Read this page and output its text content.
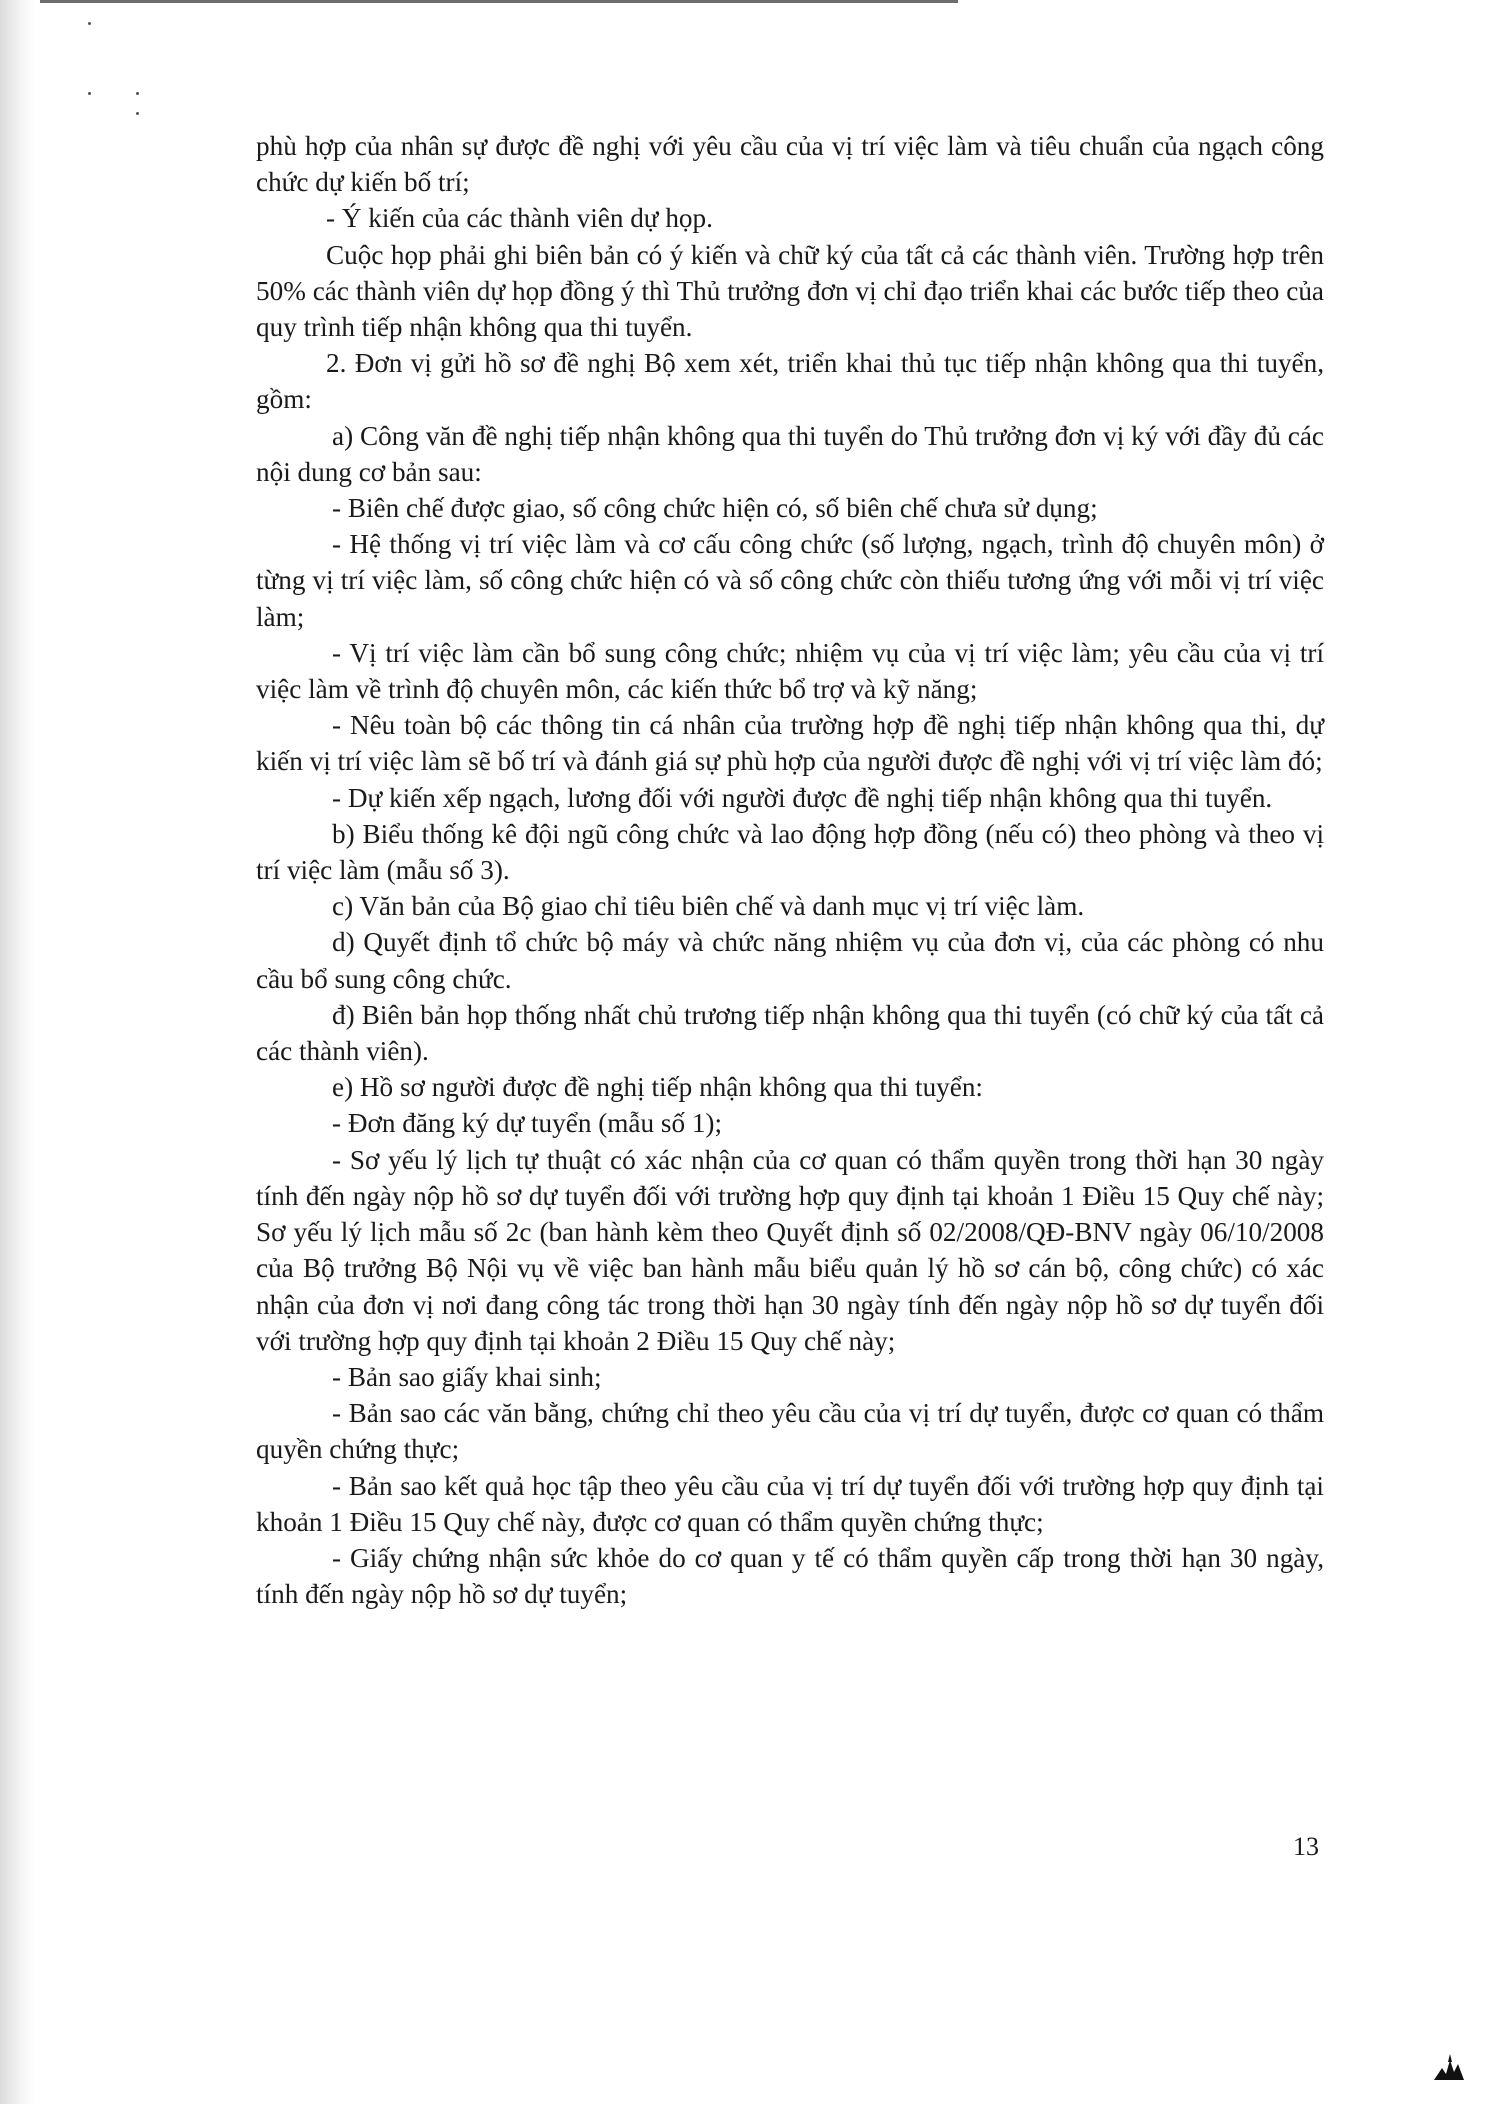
phù hợp của nhân sự được đề nghị với yêu cầu của vị trí việc làm và tiêu chuẩn của ngạch công chức dự kiến bố trí;

- Ý kiến của các thành viên dự họp.

Cuộc họp phải ghi biên bản có ý kiến và chữ ký của tất cả các thành viên. Trường hợp trên 50% các thành viên dự họp đồng ý thì Thủ trưởng đơn vị chỉ đạo triển khai các bước tiếp theo của quy trình tiếp nhận không qua thi tuyển.

2. Đơn vị gửi hồ sơ đề nghị Bộ xem xét, triển khai thủ tục tiếp nhận không qua thi tuyển, gồm:

a) Công văn đề nghị tiếp nhận không qua thi tuyển do Thủ trưởng đơn vị ký với đầy đủ các nội dung cơ bản sau:

- Biên chế được giao, số công chức hiện có, số biên chế chưa sử dụng;

- Hệ thống vị trí việc làm và cơ cấu công chức (số lượng, ngạch, trình độ chuyên môn) ở từng vị trí việc làm, số công chức hiện có và số công chức còn thiếu tương ứng với mỗi vị trí việc làm;

- Vị trí việc làm cần bổ sung công chức; nhiệm vụ của vị trí việc làm; yêu cầu của vị trí việc làm về trình độ chuyên môn, các kiến thức bổ trợ và kỹ năng;

- Nêu toàn bộ các thông tin cá nhân của trường hợp đề nghị tiếp nhận không qua thi, dự kiến vị trí việc làm sẽ bố trí và đánh giá sự phù hợp của người được đề nghị với vị trí việc làm đó;

- Dự kiến xếp ngạch, lương đối với người được đề nghị tiếp nhận không qua thi tuyển.

b) Biểu thống kê đội ngũ công chức và lao động hợp đồng (nếu có) theo phòng và theo vị trí việc làm (mẫu số 3).

c) Văn bản của Bộ giao chỉ tiêu biên chế và danh mục vị trí việc làm.

d) Quyết định tổ chức bộ máy và chức năng nhiệm vụ của đơn vị, của các phòng có nhu cầu bổ sung công chức.

đ) Biên bản họp thống nhất chủ trương tiếp nhận không qua thi tuyển (có chữ ký của tất cả các thành viên).

e) Hồ sơ người được đề nghị tiếp nhận không qua thi tuyển:

- Đơn đăng ký dự tuyển (mẫu số 1);

- Sơ yếu lý lịch tự thuật có xác nhận của cơ quan có thẩm quyền trong thời hạn 30 ngày tính đến ngày nộp hồ sơ dự tuyển đối với trường hợp quy định tại khoản 1 Điều 15 Quy chế này; Sơ yếu lý lịch mẫu số 2c (ban hành kèm theo Quyết định số 02/2008/QĐ-BNV ngày 06/10/2008 của Bộ trưởng Bộ Nội vụ về việc ban hành mẫu biểu quản lý hồ sơ cán bộ, công chức) có xác nhận của đơn vị nơi đang công tác trong thời hạn 30 ngày tính đến ngày nộp hồ sơ dự tuyển đối với trường hợp quy định tại khoản 2 Điều 15 Quy chế này;

- Bản sao giấy khai sinh;

- Bản sao các văn bằng, chứng chỉ theo yêu cầu của vị trí dự tuyển, được cơ quan có thẩm quyền chứng thực;

- Bản sao kết quả học tập theo yêu cầu của vị trí dự tuyển đối với trường hợp quy định tại khoản 1 Điều 15 Quy chế này, được cơ quan có thẩm quyền chứng thực;

- Giấy chứng nhận sức khỏe do cơ quan y tế có thẩm quyền cấp trong thời hạn 30 ngày, tính đến ngày nộp hồ sơ dự tuyển;

13
